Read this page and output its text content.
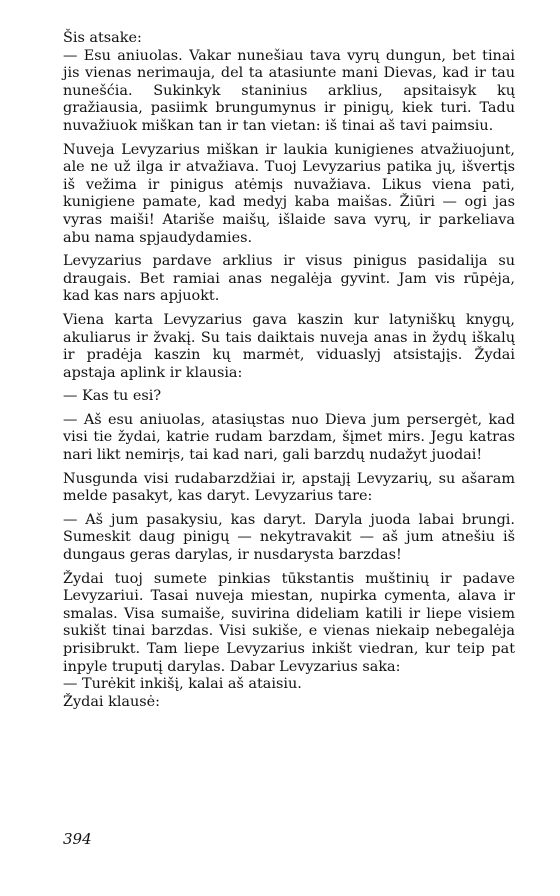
Šis atsake:

— Esu aniuolas. Vakar nunešiau tava vyrų dungun, bet tinai jis vienas nerimauja, del ta atasiunte mani Dievas, kad ir tau nunešćia. Sukinkyk staninius arklius, apsitaisyk kų gražiausia, pasiimk brungumynus ir pinigų, kiek turi. Tadu nuvažiuok miškan tan ir tan vietan: iš tinai aš tavi paimsiu.

Nuveja Levyzarius miškan ir laukia kunigienes atvažiuojunt, ale ne už ilga ir atvažiava. Tuoj Levyzarius patika jų, išvertįs iš vežima ir pinigus atėmįs nuvažiava. Likus viena pati, kunigiene pamate, kad medyj kaba maišas. Žiūri — ogi jas vyras maiši! Atariše maišų, išlaide sava vyrų, ir parkeliava abu nama spjaudydamies.

Levyzarius pardave arklius ir visus pinigus pasidalija su draugais. Bet ramiai anas negalėja gyvint. Jam vis rūpėja, kad kas nars apjuokt.

Viena karta Levyzarius gava kaszin kur latyniškų knygų, akuliarus ir žvakį. Su tais daiktais nuveja anas in žydų iškalų ir pradėja kaszin kų marmėt, viduaslyj atsistajįs. Žydai apstaja aplink ir klausia:

— Kas tu esi?

— Aš esu aniuolas, atasiųstas nuo Dieva jum persergėt, kad visi tie žydai, katrie rudam barzdam, šįmet mirs. Jegu katras nari likt nemirįs, tai kad nari, gali barzdų nudažyt juodai!

Nusgunda visi rudabarzdžiai ir, apstajį Levyzarių, su ašaram melde pasakyt, kas daryt. Levyzarius tare:

— Aš jum pasakysiu, kas daryt. Daryla juoda labai brungi. Sumeskit daug pinigų — nekytravakit — aš jum atnešiu iš dungaus geras darylas, ir nusdarysta barzdas!

Žydai tuoj sumete pinkias tūkstantis muštinių ir padave Levyzariui. Tasai nuveja miestan, nupirka cymenta, alava ir smalas. Visa sumaiše, suvirina dideliam katili ir liepe visiem sukišt tinai barzdas. Visi sukiše, e vienas niekaip nebegalėja prisibrukt. Tam liepe Levyzarius inkišt viedran, kur teip pat inpyle truputį darylas. Dabar Levyzarius saka:

— Turėkit inkišį, kalai aš ataisiu.

Žydai klausė:

394
